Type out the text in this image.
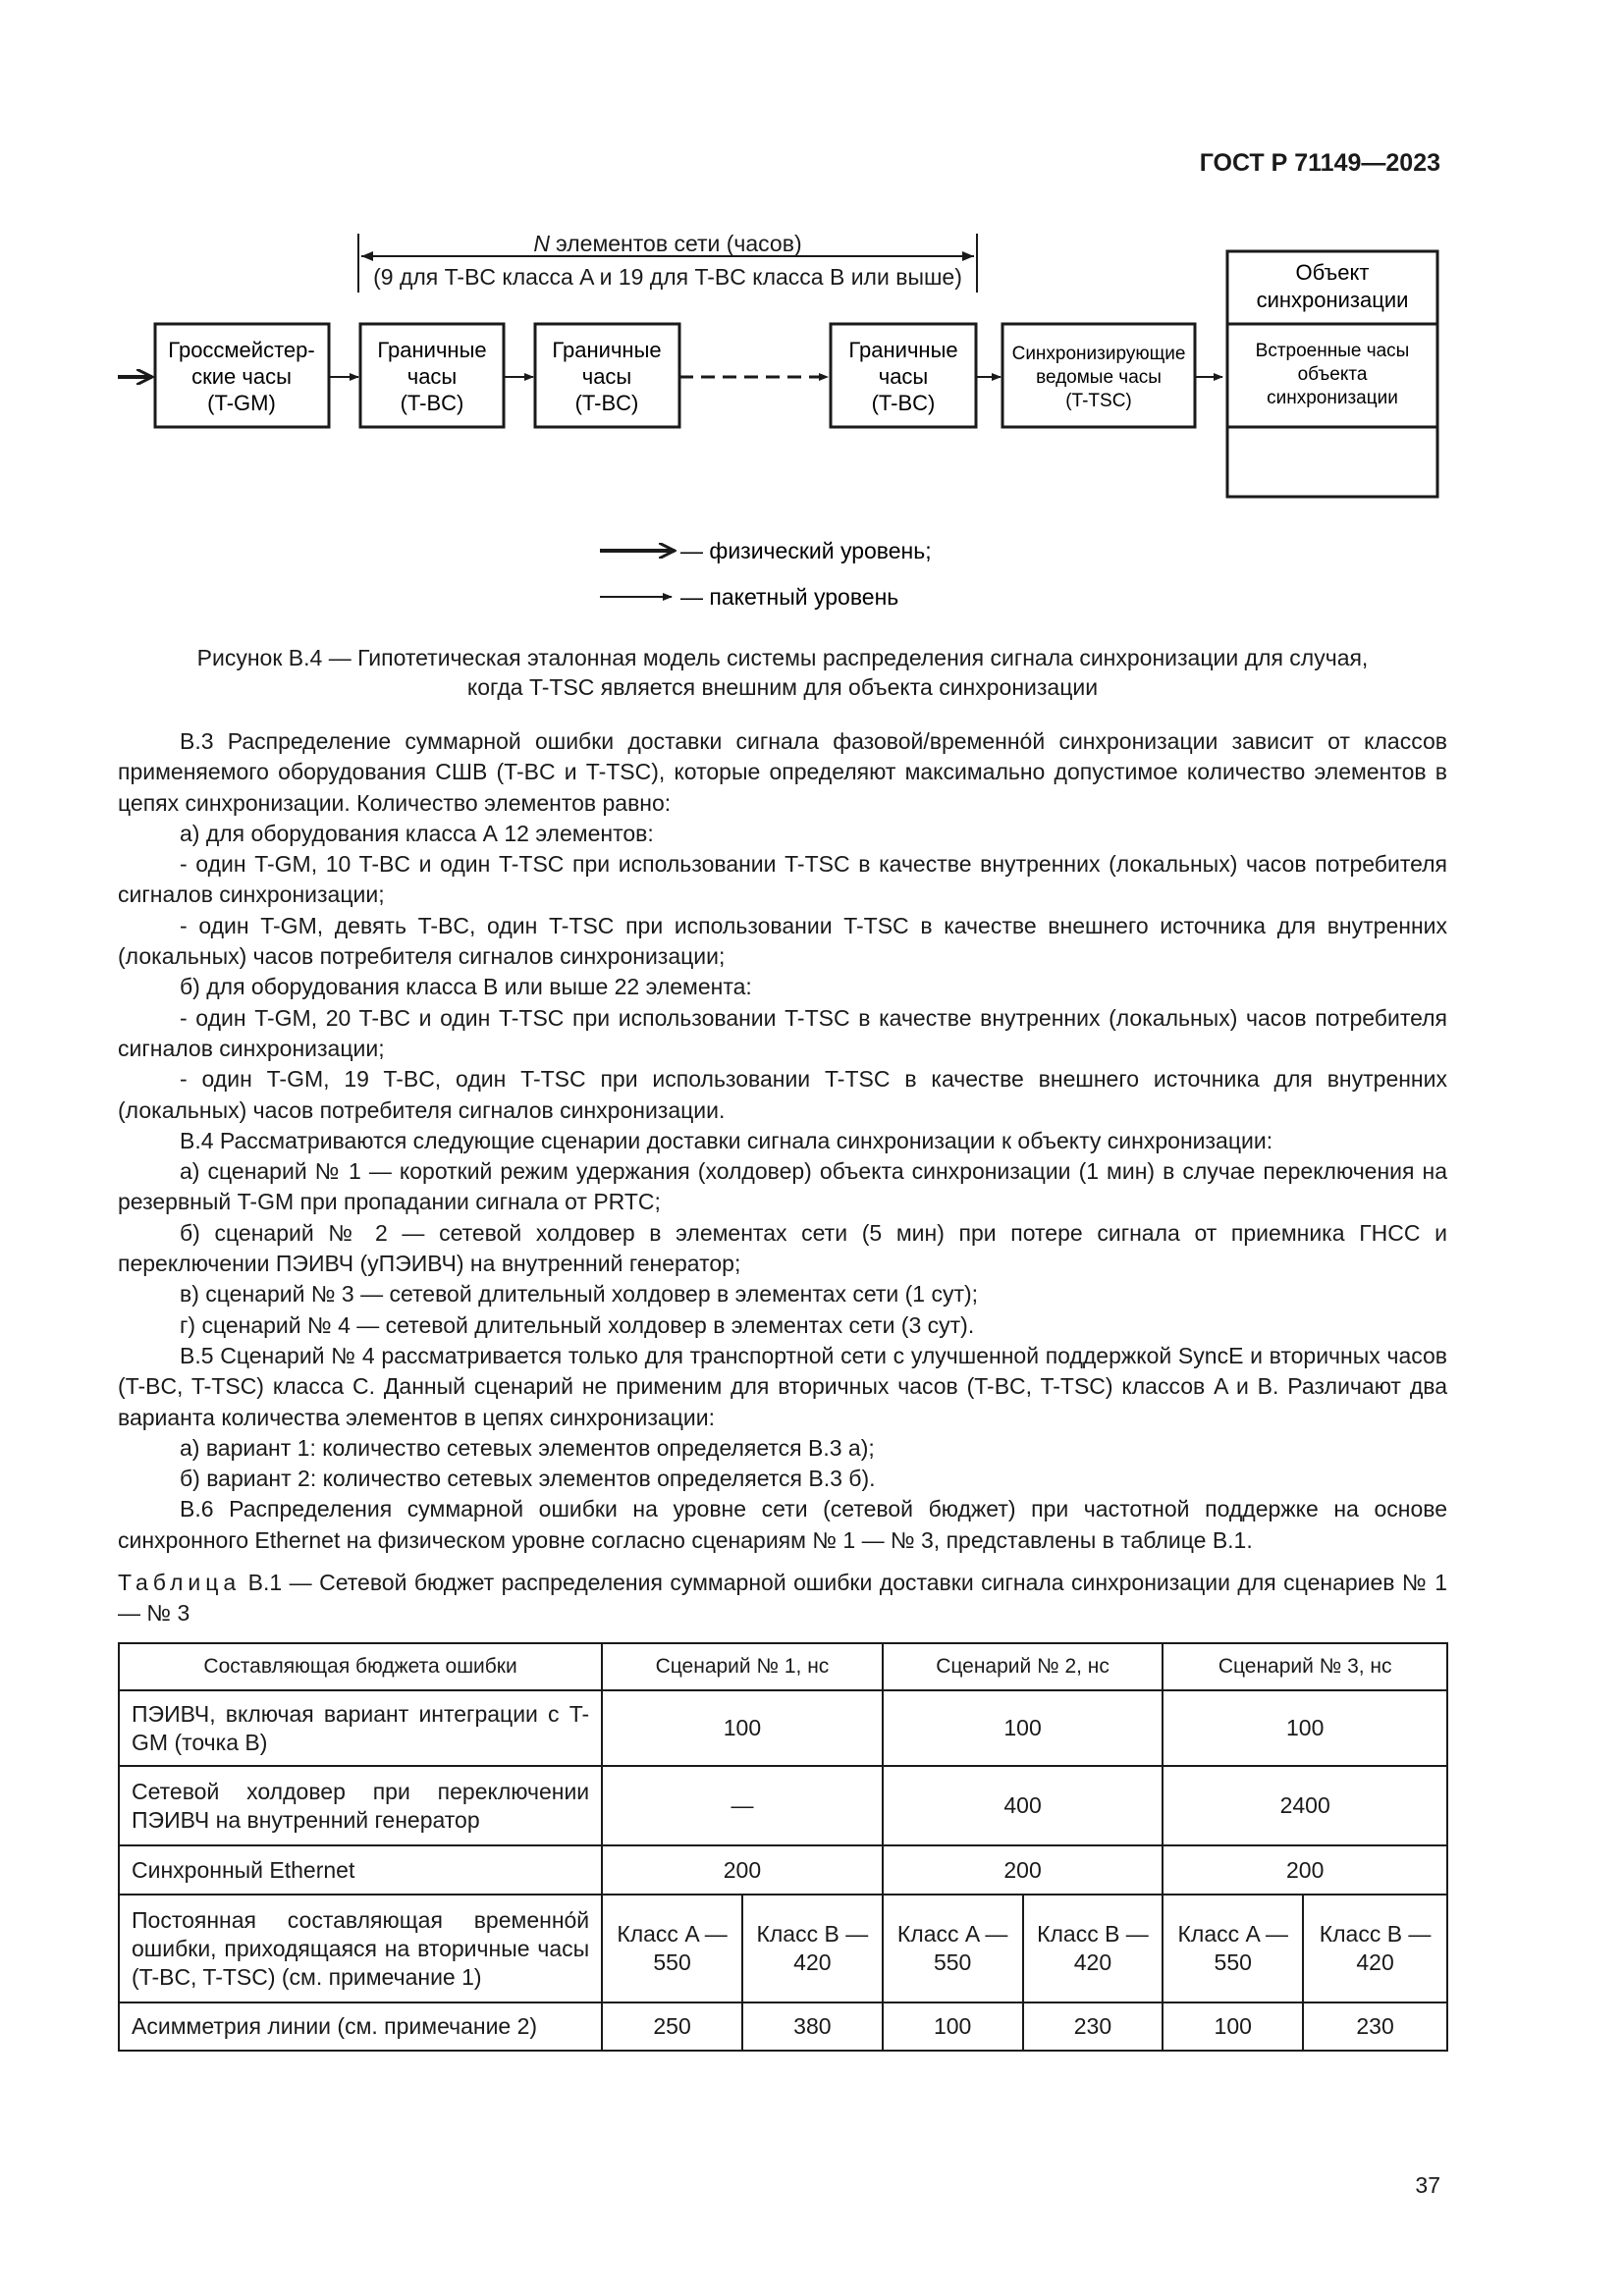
ГОСТ Р 71149—2023
N элементов сети (часов)
(9 для T-BC класса A и 19 для T-BC класса B или выше)
Гроссмейстер-
ские часы
(T-GM)
Граничные
часы
(T-BC)
Граничные
часы
(T-BC)
Граничные
часы
(T-BC)
Синхронизирующие
ведомые часы
(T-TSC)
Объект
синхронизации
Встроенные часы
объекта
синхронизации
— физический уровень;
— пакетный уровень
Рисунок В.4 — Гипотетическая эталонная модель системы распределения сигнала синхронизации для случая,
когда T-TSC является внешним для объекта синхронизации

В.3 Распределение суммарной ошибки доставки сигнала фазовой/временно́й синхронизации зависит от классов применяемого оборудования СШВ (T-BC и T-TSC), которые определяют максимально допустимое количество элементов в цепях синхронизации. Количество элементов равно:

а) для оборудования класса А 12 элементов:

- один T-GM, 10 T-BC и один T-TSC при использовании T-TSC в качестве внутренних (локальных) часов потребителя сигналов синхронизации;

- один T-GM, девять T-BC, один T-TSC при использовании T-TSC в качестве внешнего источника для внутренних (локальных) часов потребителя сигналов синхронизации;

б) для оборудования класса В или выше 22 элемента:

- один T-GM, 20 T-BC и один T-TSC при использовании T-TSC в качестве внутренних (локальных) часов потребителя сигналов синхронизации;

- один T-GM, 19 T-BC, один T-TSC при использовании T-TSC в качестве внешнего источника для внутренних (локальных) часов потребителя сигналов синхронизации.

В.4 Рассматриваются следующие сценарии доставки сигнала синхронизации к объекту синхронизации:

а) сценарий № 1 — короткий режим удержания (холдовер) объекта синхронизации (1 мин) в случае переключения на резервный T-GM при пропадании сигнала от PRTC;

б) сценарий № 2 — сетевой холдовер в элементах сети (5 мин) при потере сигнала от приемника ГНСС и переключении ПЭИВЧ (уПЭИВЧ) на внутренний генератор;

в) сценарий № 3 — сетевой длительный холдовер в элементах сети (1 сут);

г) сценарий № 4 — сетевой длительный холдовер в элементах сети (3 сут).

В.5 Сценарий № 4 рассматривается только для транспортной сети с улучшенной поддержкой SyncE и вторичных часов (T-BC, T-TSC) класса C. Данный сценарий не применим для вторичных часов (T-BC, T-TSC) классов A и B. Различают два варианта количества элементов в цепях синхронизации:

а) вариант 1: количество сетевых элементов определяется В.3 а);

б) вариант 2: количество сетевых элементов определяется В.3 б).

В.6 Распределения суммарной ошибки на уровне сети (сетевой бюджет) при частотной поддержке на основе синхронного Ethernet на физическом уровне согласно сценариям № 1 — № 3, представлены в таблице В.1.

Таблица В.1 — Сетевой бюджет распределения суммарной ошибки доставки сигнала синхронизации для сценариев № 1 — № 3
Составляющая бюджета ошибки	Сценарий № 1, нс		Сценарий № 2, нс		Сценарий № 3, нс	
ПЭИВЧ, включая вариант интеграции с T-GM (точка B)	100		100		100	
Сетевой холдовер при переключении ПЭИВЧ на внутренний генератор	—		400		2400	
Синхронный Ethernet	200		200		200	
Постоянная составляющая временно́й ошибки, приходящаяся на вторичные часы (T-BC, T-TSC) (см. примечание 1)	Класс A — 550	Класс B — 420	Класс A — 550	Класс B — 420	Класс A — 550	Класс B — 420
Асимметрия линии (см. примечание 2)	250	380	100	230	100	230
37
